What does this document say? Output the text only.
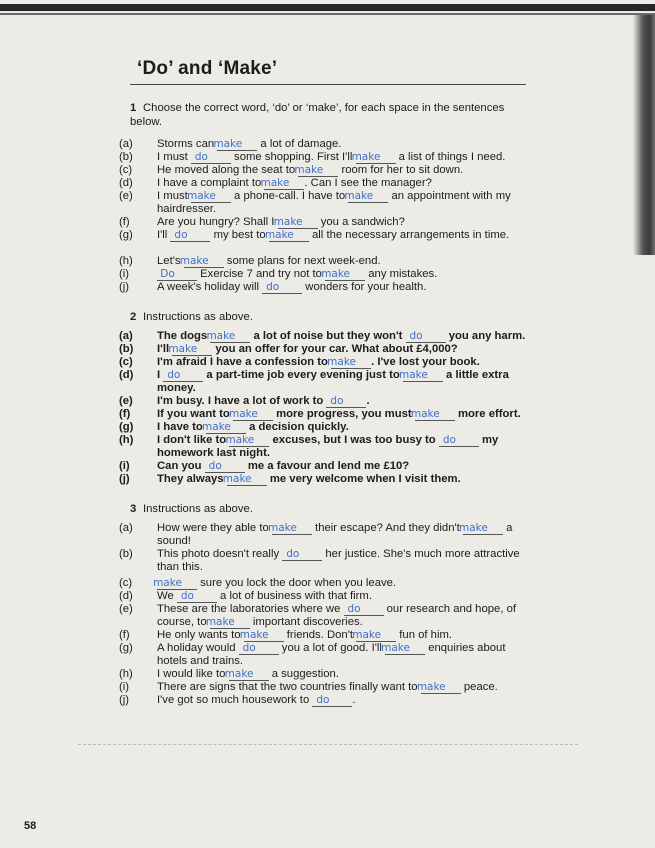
‘Do’ and ‘Make’
1 Choose the correct word, ‘do’ or ‘make’, for each space in the sentences below.
(a) Storms can make a lot of damage.
(b) I must do some shopping. First I'll make a list of things I need.
(c) He moved along the seat to make room for her to sit down.
(d) I have a complaint to make . Can I see the manager?
(e) I must make a phone-call. I have to make an appointment with my hairdresser.
(f) Are you hungry? Shall I make you a sandwich?
(g) I'll do my best to make all the necessary arrangements in time.
(h) Let's make some plans for next week-end.
(i)	Do Exercise 7 and try not to make any mistakes.
(j) A week's holiday will do wonders for your health.
2 Instructions as above.
(a) The dogs make a lot of noise but they won't do you any harm.
(b) I'll make you an offer for your car. What about £4,000?
(c) I'm afraid I have a confession to make . I've lost your book.
(d) I do a part-time job every evening just to make a little extra money.
(e) I'm busy. I have a lot of work to do .
(f) If you want to make more progress, you must make more effort.
(g) I have to make a decision quickly.
(h) I don't like to make excuses, but I was too busy to do my homework last night.
(i) Can you do me a favour and lend me £10?
(j) They always make me very welcome when I visit them.
3 Instructions as above.
(a) How were they able to make their escape? And they didn't make a sound!
(b) This photo doesn't really do her justice. She's much more attractive than this.
(c) make sure you lock the door when you leave.
(d) We do a lot of business with that firm.
(e) These are the laboratories where we do our research and hope, of course, to make important discoveries.
(f) He only wants to make friends. Don't make fun of him.
(g) A holiday would do you a lot of good. I'll make enquiries about hotels and trains.
(h) I would like to make a suggestion.
(i) There are signs that the two countries finally want to make peace.
(j) I've got so much housework to do .
58
